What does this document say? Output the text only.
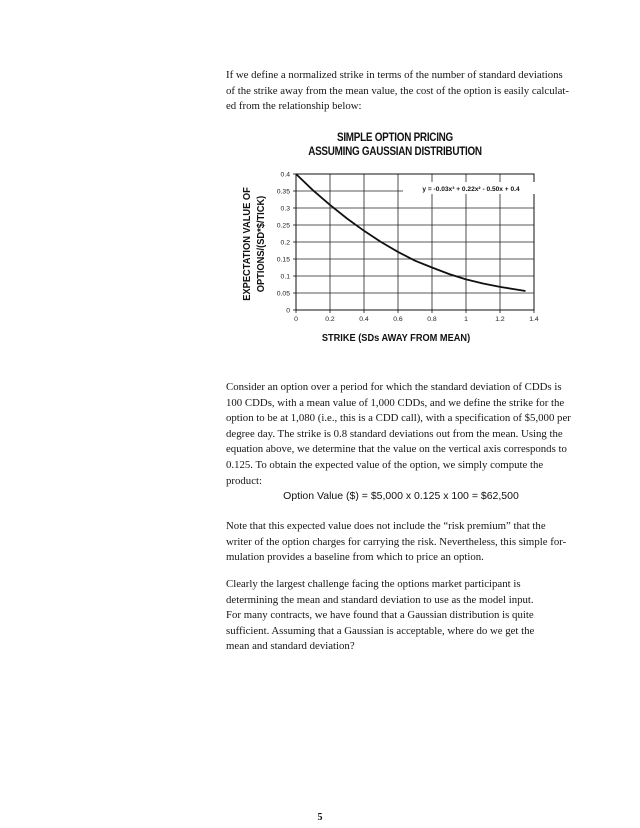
If we define a normalized strike in terms of the number of standard deviations
of the strike away from the mean value, the cost of the option is easily calculat-
ed from the relationship below:

SIMPLE OPTION PRICING
ASSUMING GAUSSIAN DISTRIBUTION
0
0.05
0.1
0.15
0.2
0.25
0.3
0.35
0.4
0	0.2	0.4	0.6	0.8	1	1.2	1.4
y = -0.03x³ + 0.22x² - 0.50x + 0.4
STRIKE (SDs AWAY FROM MEAN)
EXPECTATION VALUE OF OPTIONS/(SD*$/TICK)

Consider an option over a period for which the standard deviation of CDDs is
100 CDDs, with a mean value of 1,000 CDDs, and we define the strike for the
option to be at 1,080 (i.e., this is a CDD call), with a specification of $5,000 per
degree day. The strike is 0.8 standard deviations out from the mean. Using the
equation above, we determine that the value on the vertical axis corresponds to
0.125. To obtain the expected value of the option, we simply compute the
product:

Option Value ($) = $5,000 x 0.125 x 100 = $62,500

Note that this expected value does not include the “risk premium” that the
writer of the option charges for carrying the risk. Nevertheless, this simple for-
mulation provides a baseline from which to price an option.

Clearly the largest challenge facing the options market participant is
determining the mean and standard deviation to use as the model input.
For many contracts, we have found that a Gaussian distribution is quite
sufficient. Assuming that a Gaussian is acceptable, where do we get the
mean and standard deviation?

5
